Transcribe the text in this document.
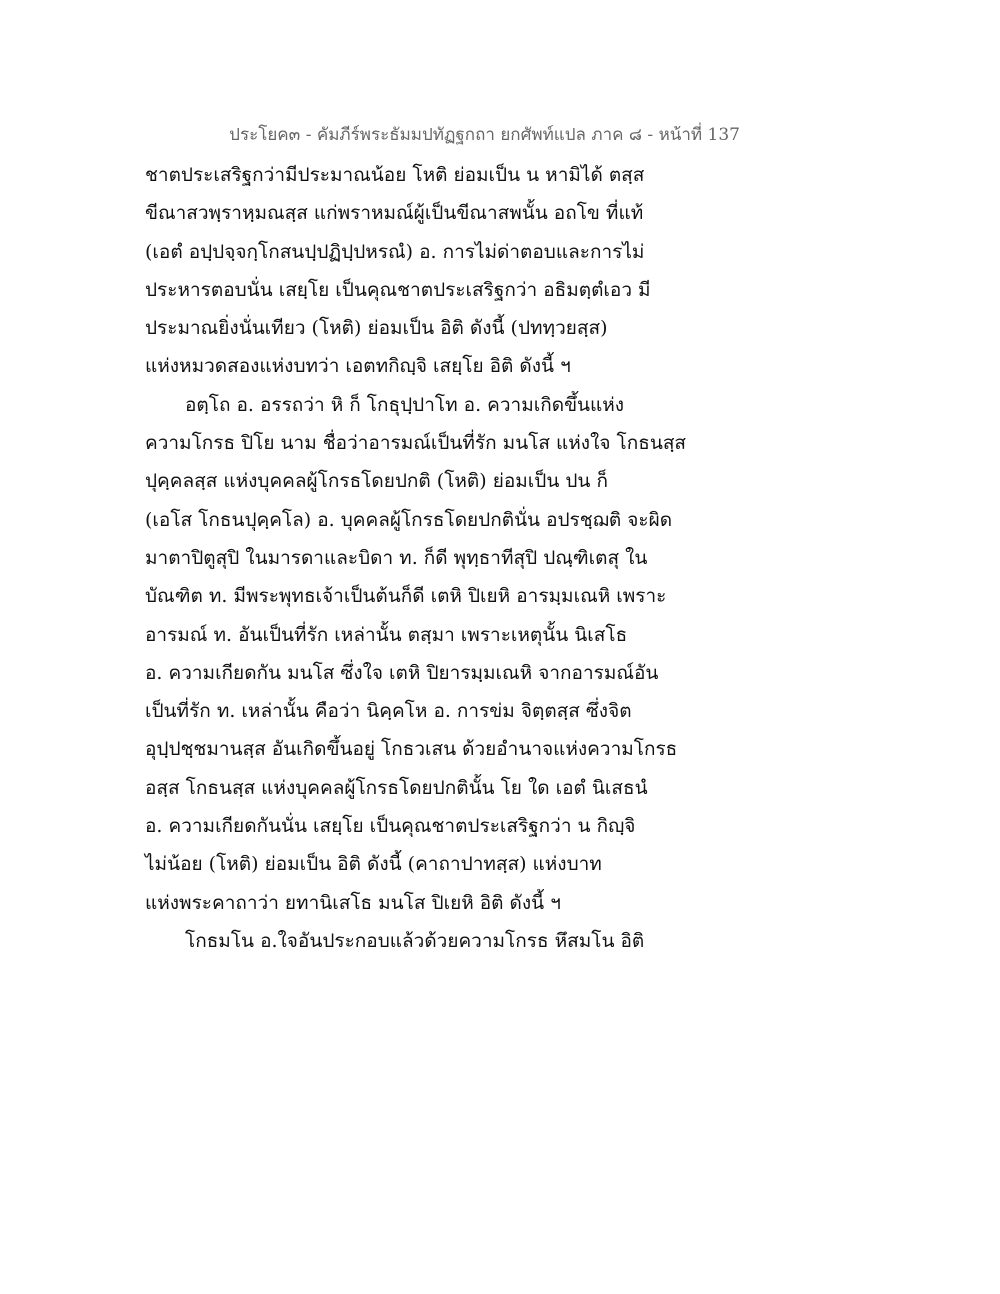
ประโยค๓ - คัมภีร์พระธัมมปทัฏฐกถา ยกศัพท์แปล ภาค ๘ - หน้าที่ 137
ชาตประเสริฐกว่ามีประมาณน้อย โหติ ย่อมเป็น น หามิได้ ตสฺส
ขีณาสวพฺราหฺมณสฺส แก่พราหมณ์ผู้เป็นขีณาสพนั้น อถโข ที่แท้
(เอตํ อปฺปจฺจกฺโกสนปฺปฏิปฺปหรณํ) อ. การไม่ด่าตอบและการไม่
ประหารตอบนั่น เสยฺโย เป็นคุณชาตประเสริฐกว่า อธิมตฺตํเอว มี
ประมาณยิ่งนั่นเทียว (โหติ) ย่อมเป็น อิติ ดังนี้ (ปททฺวยสฺส)
แห่งหมวดสองแห่งบทว่า เอตทกิญฺจิ เสยฺโย อิติ ดังนี้ ฯ
อตฺโถ อ. อรรถว่า หิ ก็ โกธุปฺปาโท อ. ความเกิดขึ้นแห่ง
ความโกรธ ปิโย นาม ชื่อว่าอารมณ์เป็นที่รัก มนโส แห่งใจ โกธนสฺส
ปุคฺคลสฺส แห่งบุคคลผู้โกรธโดยปกติ (โหติ) ย่อมเป็น ปน ก็
(เอโส โกธนปุคฺคโล) อ. บุคคลผู้โกรธโดยปกตินั่น อปรชฺฌติ จะผิด
มาตาปิตูสุปิ ในมารดาและบิดา ท. ก็ดี พุทฺธาทีสุปิ ปณฺฑิเตสุ ใน
บัณฑิต ท. มีพระพุทธเจ้าเป็นต้นก็ดี เตหิ ปิเยหิ อารมฺมเณหิ เพราะ
อารมณ์ ท. อันเป็นที่รัก เหล่านั้น ตสฺมา เพราะเหตุนั้น นิเสโธ
อ. ความเกียดกัน มนโส ซึ่งใจ เตหิ ปิยารมฺมเณหิ จากอารมณ์อัน
เป็นที่รัก ท. เหล่านั้น คือว่า นิคฺคโห อ. การข่ม จิตฺตสฺส ซึ่งจิต
อุปฺปชฺชมานสฺส อันเกิดขึ้นอยู่ โกธวเสน ด้วยอำนาจแห่งความโกรธ
อสฺส โกธนสฺส แห่งบุคคลผู้โกรธโดยปกตินั้น โย ใด เอตํ นิเสธนํ
อ. ความเกียดกันนั่น เสยฺโย เป็นคุณชาตประเสริฐกว่า น กิญฺจิ
ไม่น้อย (โหติ) ย่อมเป็น อิติ ดังนี้ (คาถาปาทสฺส) แห่งบาท
แห่งพระคาถาว่า ยทานิเสโธ มนโส ปิเยหิ อิติ ดังนี้ ฯ
โกธมโน อ.ใจอันประกอบแล้วด้วยความโกรธ หึสมโน อิติ
